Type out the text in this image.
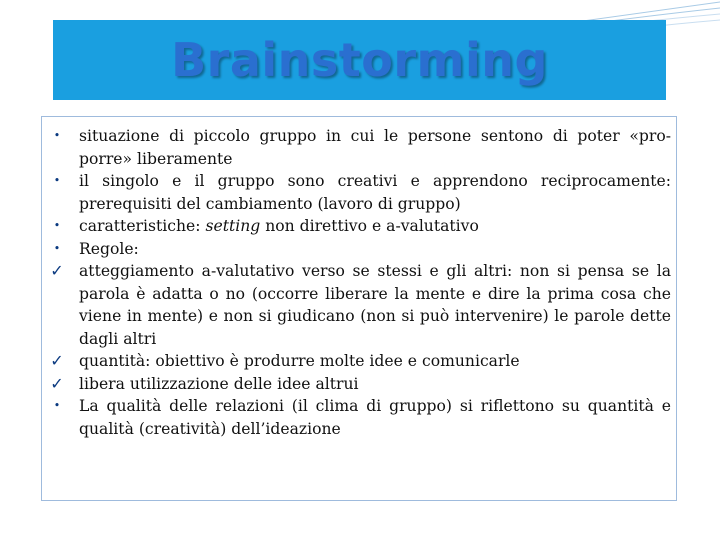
Brainstorming
•	situazione di piccolo gruppo in cui le persone sentono di poter «pro-porre» liberamente
•	il singolo e il gruppo sono creativi e apprendono reciprocamente: prerequisiti del cambiamento (lavoro di gruppo)
•	caratteristiche: setting non direttivo e a-valutativo
•	Regole:
✓ atteggiamento a-valutativo verso se stessi e gli altri: non si pensa se la parola è adatta o no (occorre liberare la mente e dire la prima cosa che viene in mente) e non si giudicano (non si può intervenire) le parole dette dagli altri
✓ quantità: obiettivo è produrre molte idee e comunicarle
✓ libera utilizzazione delle idee altrui
•	La qualità delle relazioni (il clima di gruppo) si riflettono su quantità e qualità (creatività) dell’ideazione
